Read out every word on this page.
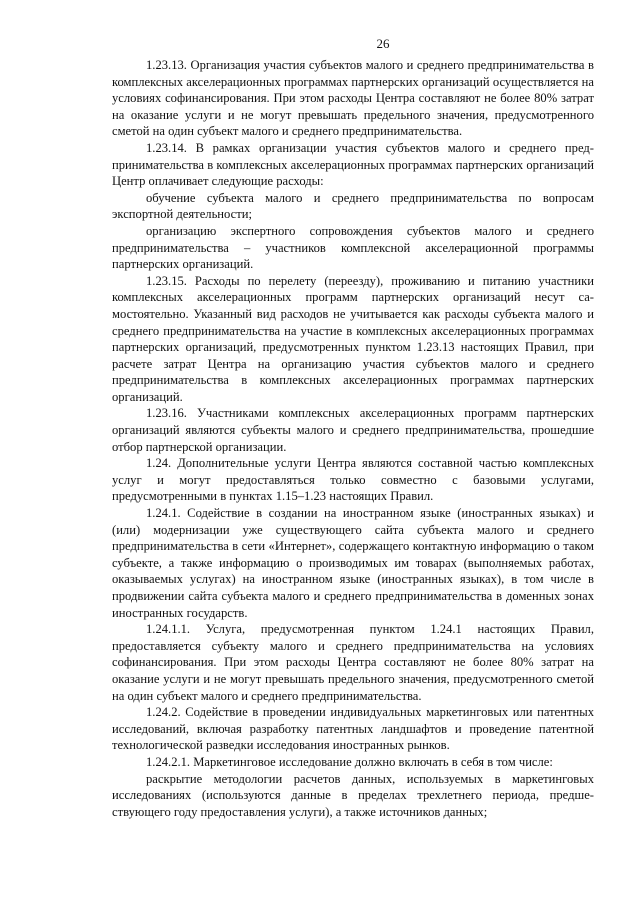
26

1.23.13. Организация участия субъектов малого и среднего предпринимательства в комплексных акселерационных программах партнерских организаций осуществляется на условиях софинансирования. При этом расходы Центра составляют не более 80% затрат на оказание услуги и не могут превышать предельного значения, предусмотренного сметой на один субъект малого и среднего предпринимательства.

1.23.14. В рамках организации участия субъектов малого и среднего предпринимательства в комплексных акселерационных программах партнерских организаций Центр оплачивает следующие расходы:

обучение субъекта малого и среднего предпринимательства по вопросам экспортной деятельности;

организацию экспертного сопровождения субъектов малого и среднего предпринимательства – участников комплексной акселерационной программы партнерских организаций.

1.23.15. Расходы по перелету (переезду), проживанию и питанию участники комплексных акселерационных программ партнерских организаций несут самостоятельно. Указанный вид расходов не учитывается как расходы субъекта малого и среднего предпринимательства на участие в комплексных акселерационных программах партнерских организаций, предусмотренных пунктом 1.23.13 настоящих Правил, при расчете затрат Центра на организацию участия субъектов малого и среднего предпринимательства в комплексных акселерационных программах партнерских организаций.

1.23.16. Участниками комплексных акселерационных программ партнерских организаций являются субъекты малого и среднего предпринимательства, прошедшие отбор партнерской организации.

1.24. Дополнительные услуги Центра являются составной частью комплексных услуг и могут предоставляться только совместно с базовыми услугами, предусмотренными в пунктах 1.15–1.23 настоящих Правил.

1.24.1. Содействие в создании на иностранном языке (иностранных языках) и (или) модернизации уже существующего сайта субъекта малого и среднего предпринимательства в сети «Интернет», содержащего контактную информацию о таком субъекте, а также информацию о производимых им товарах (выполняемых работах, оказываемых услугах) на иностранном языке (иностранных языках), в том числе в продвижении сайта субъекта малого и среднего предпринимательства в доменных зонах иностранных государств.

1.24.1.1. Услуга, предусмотренная пунктом 1.24.1 настоящих Правил, предоставляется субъекту малого и среднего предпринимательства на условиях софинансирования. При этом расходы Центра составляют не более 80% затрат на оказание услуги и не могут превышать предельного значения, предусмотренного сметой на один субъект малого и среднего предпринимательства.

1.24.2. Содействие в проведении индивидуальных маркетинговых или патентных исследований, включая разработку патентных ландшафтов и проведение патентной технологической разведки исследования иностранных рынков.

1.24.2.1. Маркетинговое исследование должно включать в себя в том числе:

раскрытие методологии расчетов данных, используемых в маркетинговых исследованиях (используются данные в пределах трехлетнего периода, предшествующего году предоставления услуги), а также источников данных;
